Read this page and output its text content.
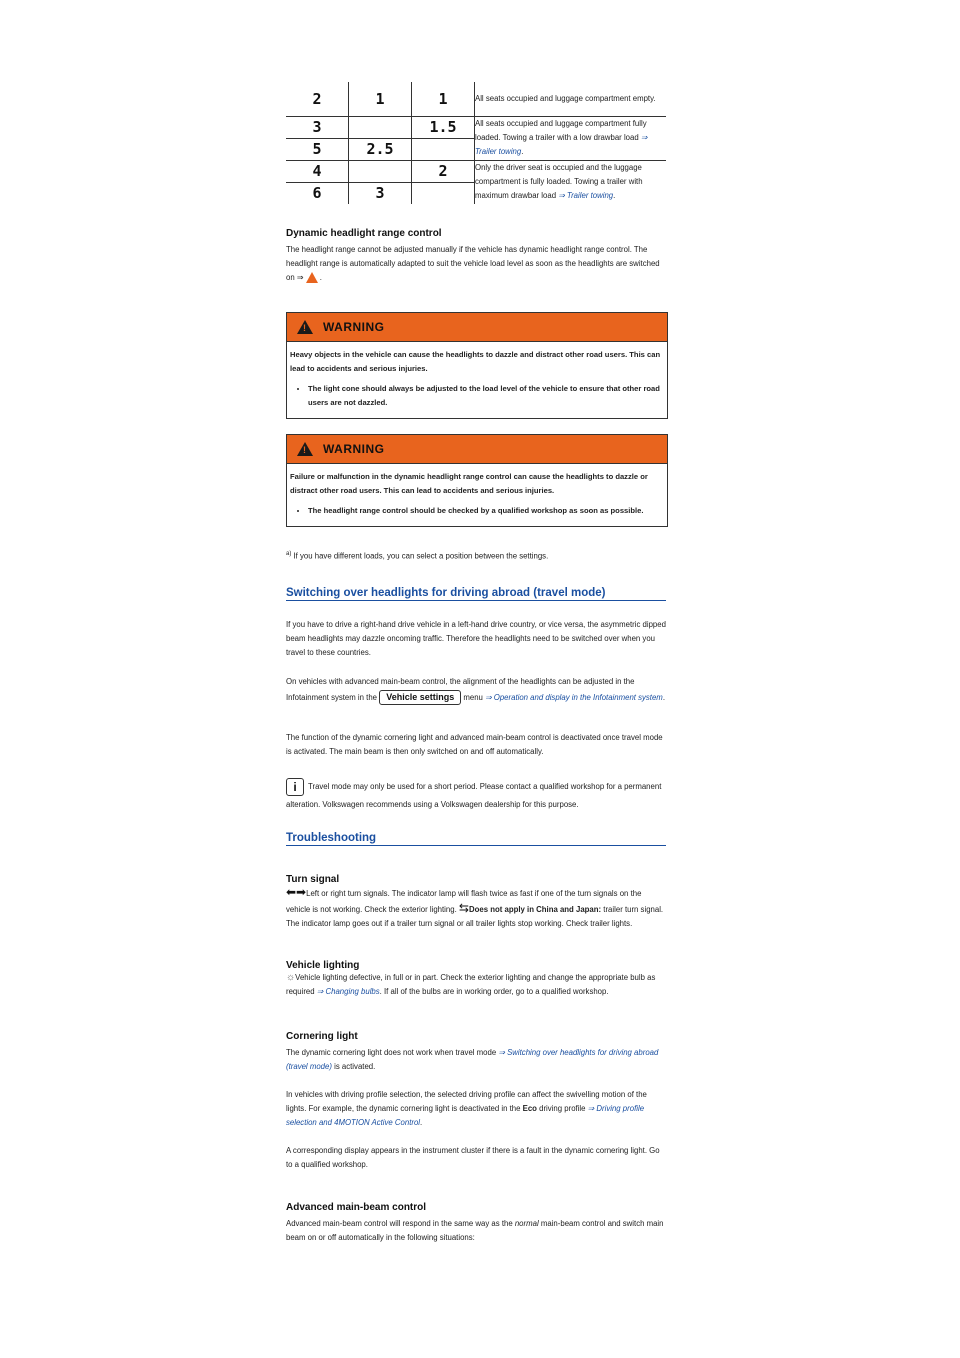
2	1	1	All seats occupied and luggage compartment empty.
3		1.5	All seats occupied and luggage compartment fully loaded. Towing a trailer with a low drawbar load ⇒ Trailer towing.
5	2.5		
4		2	Only the driver seat is occupied and the luggage compartment is fully loaded. Towing a trailer with maximum drawbar load ⇒ Trailer towing.
6	3		
Dynamic headlight range control

The headlight range cannot be adjusted manually if the vehicle has dynamic headlight range control. The headlight range is automatically adapted to suit the vehicle load level as soon as the headlights are switched on ⇒ .

! WARNING
Heavy objects in the vehicle can cause the headlights to dazzle and distract other road users. This can lead to accidents and serious injuries.
• The light cone should always be adjusted to the load level of the vehicle to ensure that other road users are not dazzled.
! WARNING
Failure or malfunction in the dynamic headlight range control can cause the headlights to dazzle or distract other road users. This can lead to accidents and serious injuries.
• The headlight range control should be checked by a qualified workshop as soon as possible.

$^{a)}$ If you have different loads, you can select a position between the settings.

Switching over headlights for driving abroad (travel mode)

If you have to drive a right-hand drive vehicle in a left-hand drive country, or vice versa, the asymmetric dipped beam headlights may dazzle oncoming traffic. Therefore the headlights need to be switched over when you travel to these countries.

On vehicles with advanced main-beam control, the alignment of the headlights can be adjusted in the Infotainment system in the Vehicle settings menu ⇒ Operation and display in the Infotainment system.

The function of the dynamic cornering light and advanced main-beam control is deactivated once travel mode is activated. The main beam is then only switched on and off automatically.

i Travel mode may only be used for a short period. Please contact a qualified workshop for a permanent alteration. Volkswagen recommends using a Volkswagen dealership for this purpose.

Troubleshooting
Turn signal

⬅➡Left or right turn signals. The indicator lamp will flash twice as fast if one of the turn signals on the vehicle is not working. Check the exterior lighting. ⇆Does not apply in China and Japan: trailer turn signal. The indicator lamp goes out if a trailer turn signal or all trailer lights stop working. Check trailer lights.

Vehicle lighting

☼Vehicle lighting defective, in full or in part. Check the exterior lighting and change the appropriate bulb as required ⇒ Changing bulbs. If all of the bulbs are in working order, go to a qualified workshop.

Cornering light

The dynamic cornering light does not work when travel mode ⇒ Switching over headlights for driving abroad (travel mode) is activated.

In vehicles with driving profile selection, the selected driving profile can affect the swivelling motion of the lights. For example, the dynamic cornering light is deactivated in the Eco driving profile ⇒ Driving profile selection and 4MOTION Active Control.

A corresponding display appears in the instrument cluster if there is a fault in the dynamic cornering light. Go to a qualified workshop.

Advanced main-beam control

Advanced main-beam control will respond in the same way as the normal main-beam control and switch main beam on or off automatically in the following situations:
